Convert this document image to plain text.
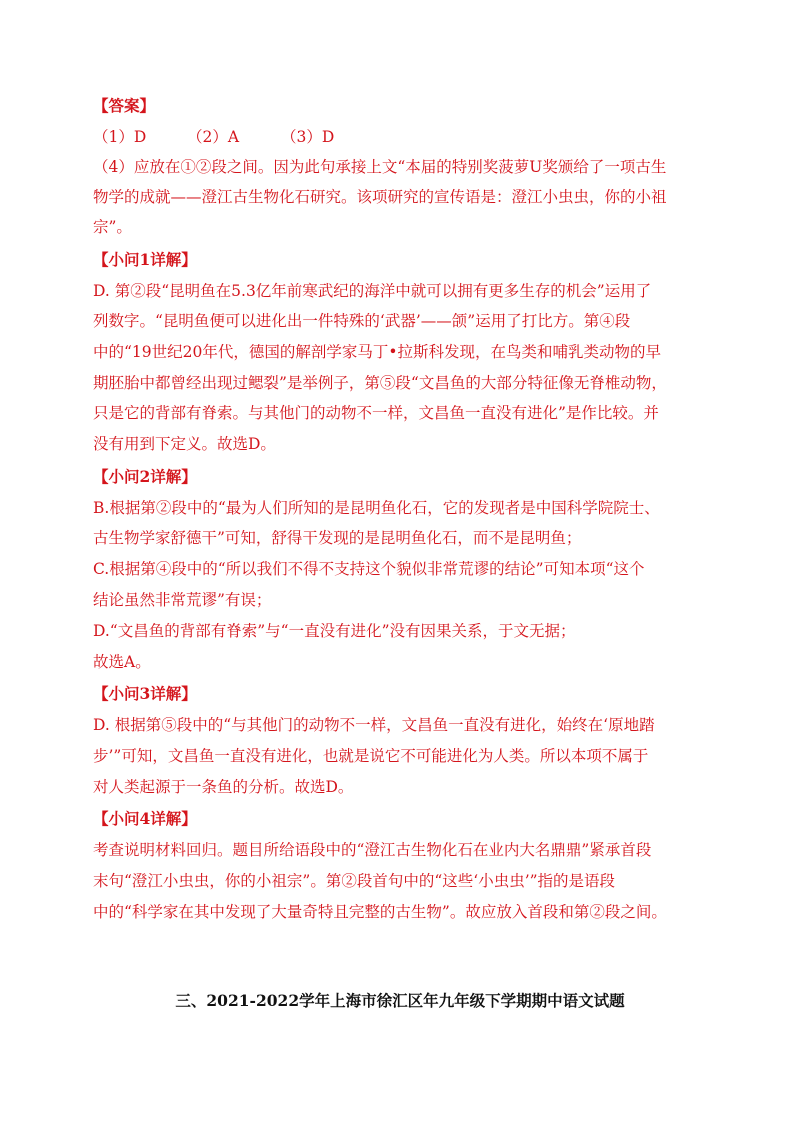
【答案】
（1）D	（2）A	（3）D
（4）应放在①②段之间。因为此句承接上文“本届的特别奖菠萝U奖颁给了一项古生
物学的成就——澄江古生物化石研究。该项研究的宣传语是：澄江小虫虫，你的小祖
宗”。
【小问1详解】
D. 第②段“昆明鱼在5.3亿年前寒武纪的海洋中就可以拥有更多生存的机会”运用了
列数字。“昆明鱼便可以进化出一件特殊的‘武器’——颌”运用了打比方。第④段
中的“19世纪20年代，德国的解剖学家马丁•拉斯科发现，在鸟类和哺乳类动物的早
期胚胎中都曾经出现过鳃裂”是举例子，第⑤段“文昌鱼的大部分特征像无脊椎动物，
只是它的背部有脊索。与其他门的动物不一样，文昌鱼一直没有进化”是作比较。并
没有用到下定义。故选D。
【小问2详解】
B.根据第②段中的“最为人们所知的是昆明鱼化石，它的发现者是中国科学院院士、
古生物学家舒德干”可知，舒得干发现的是昆明鱼化石，而不是昆明鱼；
C.根据第④段中的“所以我们不得不支持这个貌似非常荒谬的结论”可知本项“这个
结论虽然非常荒谬”有误；
D.“文昌鱼的背部有脊索”与“一直没有进化”没有因果关系，于文无据；
故选A。
【小问3详解】
D. 根据第⑤段中的“与其他门的动物不一样，文昌鱼一直没有进化，始终在‘原地踏
步’”可知，文昌鱼一直没有进化，也就是说它不可能进化为人类。所以本项不属于
对人类起源于一条鱼的分析。故选D。
【小问4详解】
考查说明材料回归。题目所给语段中的“澄江古生物化石在业内大名鼎鼎”紧承首段
末句“澄江小虫虫，你的小祖宗”。第②段首句中的“这些‘小虫虫’”指的是语段
中的“科学家在其中发现了大量奇特且完整的古生物”。故应放入首段和第②段之间。
三、2021-2022学年上海市徐汇区年九年级下学期期中语文试题
